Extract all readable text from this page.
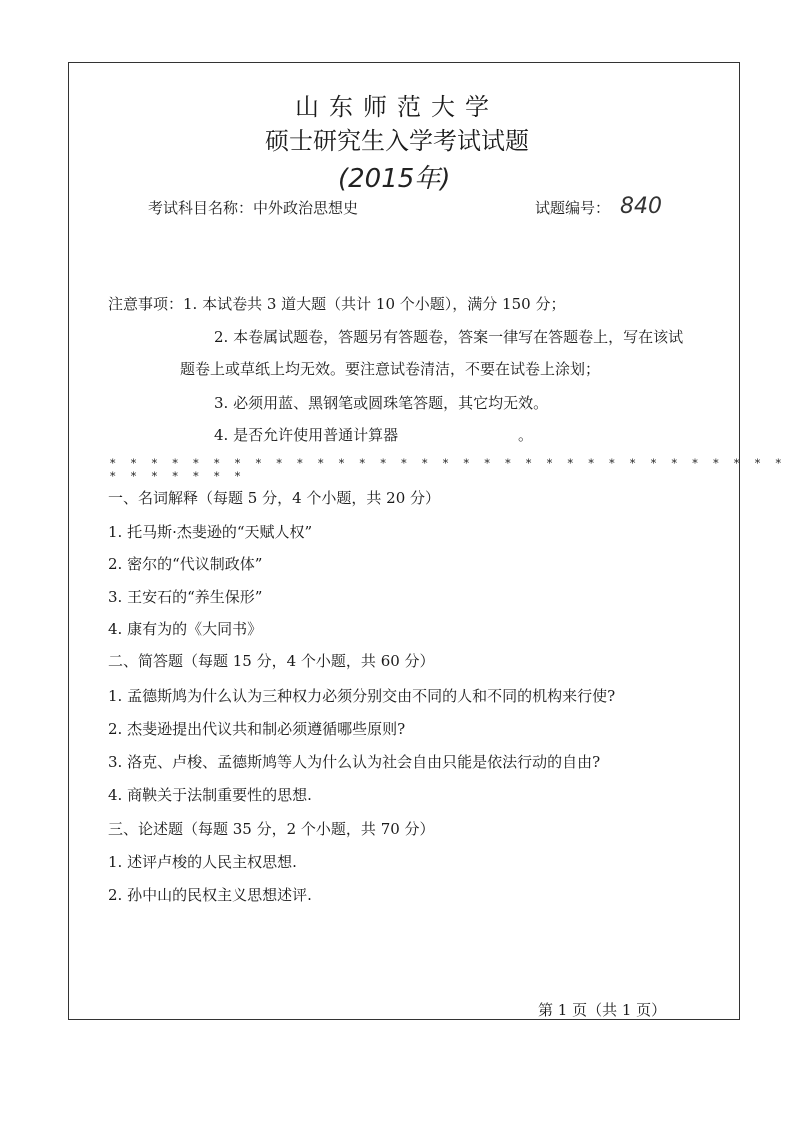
山东师范大学
硕士研究生入学考试试题
(2015年)
考试科目名称：中外政治思想史	试题编号： 840
注意事项：1. 本试卷共 3 道大题（共计 10 个小题），满分 150 分；
2. 本卷属试题卷，答题另有答题卷，答案一律写在答题卷上，写在该试
题卷上或草纸上均无效。要注意试卷清洁，不要在试卷上涂划；
3. 必须用蓝、黑钢笔或圆珠笔答题，其它均无效。
4. 是否允许使用普通计算器	。
* * * * * * * * * * * * * * * * * * * * * * * * * * * * * * * * * * * * * * * *
一、名词解释（每题 5 分，4 个小题，共 20 分）
1. 托马斯·杰斐逊的“天赋人权”
2. 密尔的“代议制政体”
3. 王安石的“养生保形”
4. 康有为的《大同书》
二、简答题（每题 15 分，4 个小题，共 60 分）
1. 孟德斯鸠为什么认为三种权力必须分别交由不同的人和不同的机构来行使?
2. 杰斐逊提出代议共和制必须遵循哪些原则?
3. 洛克、卢梭、孟德斯鸠等人为什么认为社会自由只能是依法行动的自由?
4. 商鞅关于法制重要性的思想.
三、论述题（每题 35 分，2 个小题，共 70 分）
1. 述评卢梭的人民主权思想.
2. 孙中山的民权主义思想述评.
第 1 页（共 1 页）
